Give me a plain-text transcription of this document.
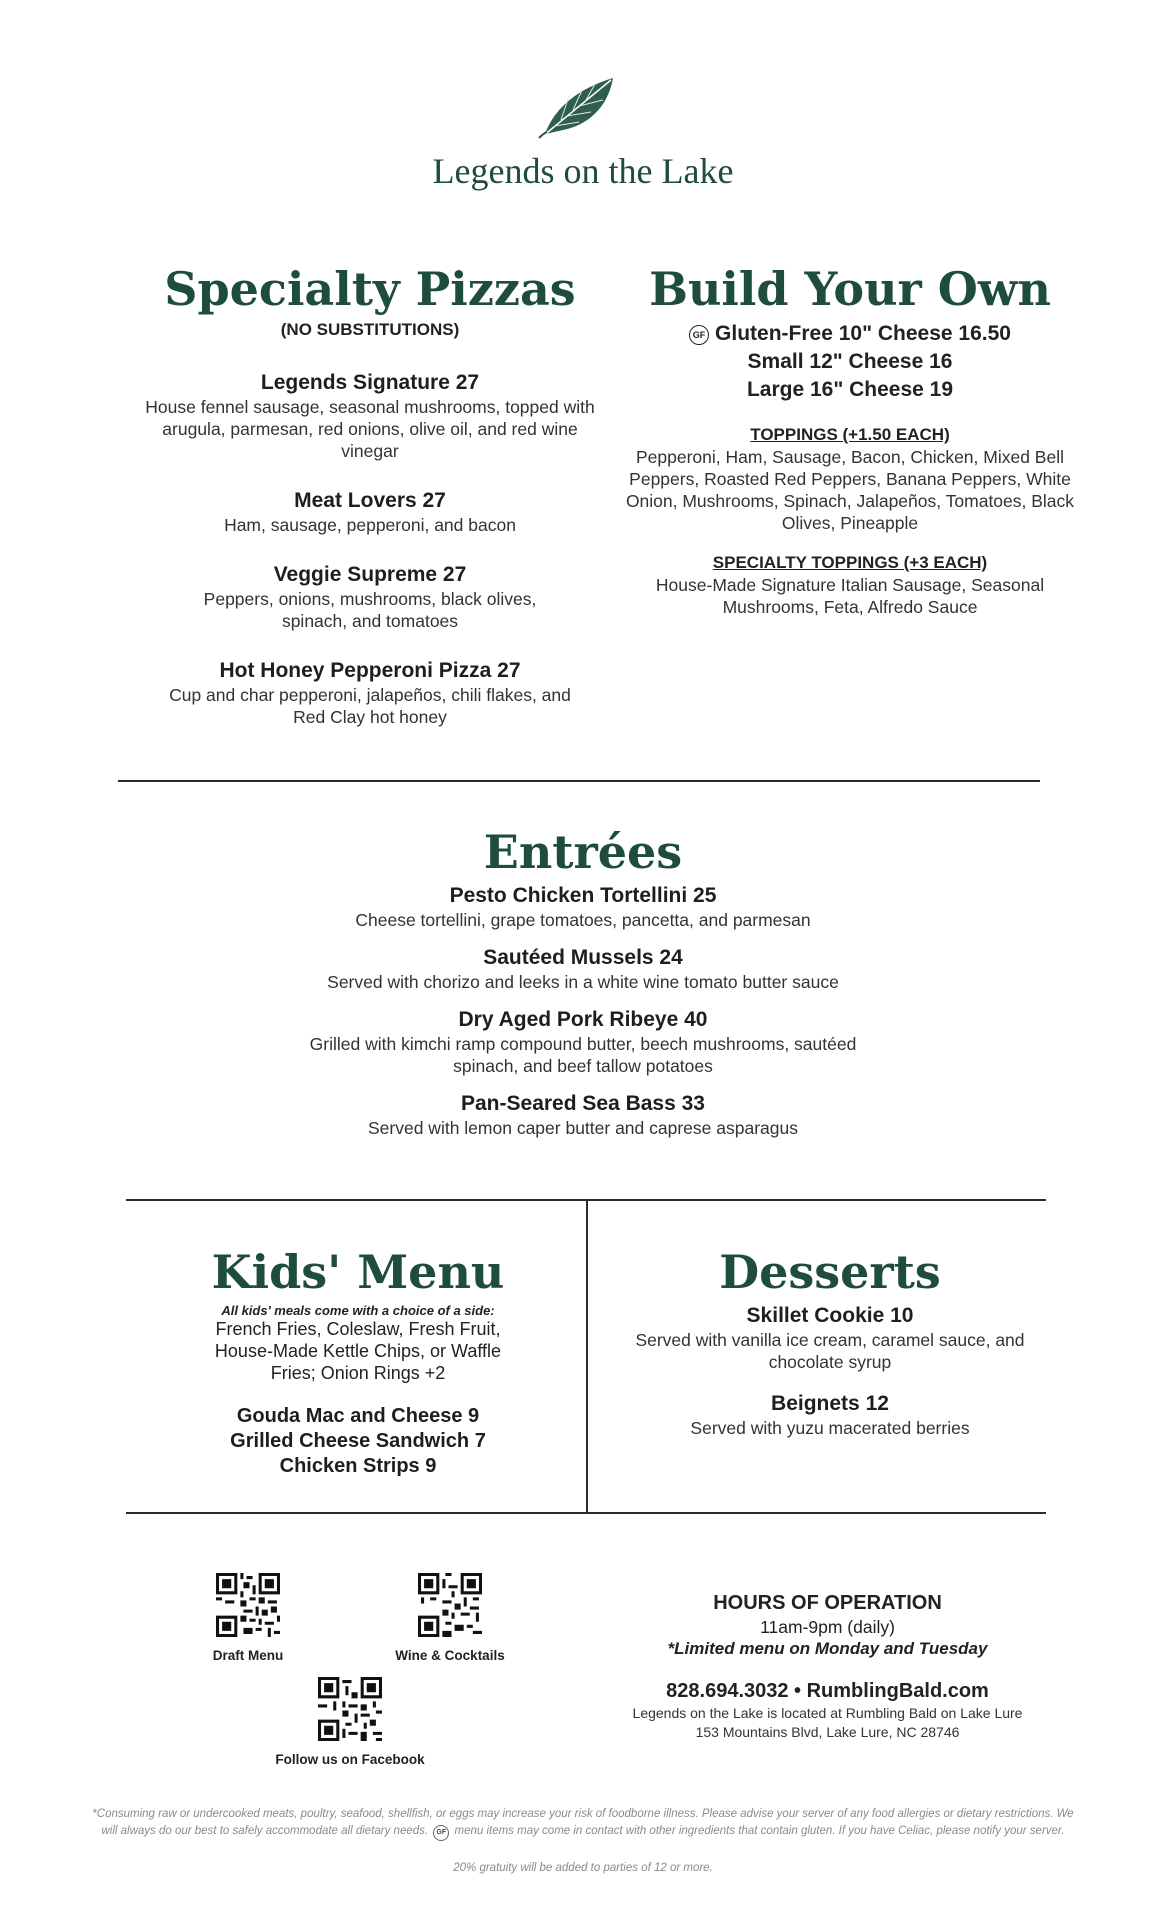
Legends on the Lake
Specialty Pizzas
(NO SUBSTITUTIONS)
Legends Signature 27
House fennel sausage, seasonal mushrooms, topped with arugula, parmesan, red onions, olive oil, and red wine vinegar
Meat Lovers 27
Ham, sausage, pepperoni, and bacon
Veggie Supreme 27
Peppers, onions, mushrooms, black olives, spinach, and tomatoes
Hot Honey Pepperoni Pizza 27
Cup and char pepperoni, jalapeños, chili flakes, and Red Clay hot honey
Build Your Own
GF Gluten-Free 10" Cheese 16.50
Small 12" Cheese 16
Large 16" Cheese 19
TOPPINGS (+1.50 EACH)
Pepperoni, Ham, Sausage, Bacon, Chicken, Mixed Bell Peppers, Roasted Red Peppers, Banana Peppers, White Onion, Mushrooms, Spinach, Jalapeños, Tomatoes, Black Olives, Pineapple
SPECIALTY TOPPINGS (+3 EACH)
House-Made Signature Italian Sausage, Seasonal Mushrooms, Feta, Alfredo Sauce
Entrées
Pesto Chicken Tortellini 25
Cheese tortellini, grape tomatoes, pancetta, and parmesan
Sautéed Mussels 24
Served with chorizo and leeks in a white wine tomato butter sauce
Dry Aged Pork Ribeye 40
Grilled with kimchi ramp compound butter, beech mushrooms, sautéed spinach, and beef tallow potatoes
Pan-Seared Sea Bass 33
Served with lemon caper butter and caprese asparagus
Kids' Menu
All kids' meals come with a choice of a side:
French Fries, Coleslaw, Fresh Fruit, House-Made Kettle Chips, or Waffle Fries; Onion Rings +2
Gouda Mac and Cheese 9
Grilled Cheese Sandwich 7
Chicken Strips 9
Desserts
Skillet Cookie 10
Served with vanilla ice cream, caramel sauce, and chocolate syrup
Beignets 12
Served with yuzu macerated berries
Draft Menu	Wine & Cocktails
Follow us on Facebook
HOURS OF OPERATION
11am-9pm (daily)
*Limited menu on Monday and Tuesday
828.694.3032 • RumblingBald.com
Legends on the Lake is located at Rumbling Bald on Lake Lure
153 Mountains Blvd, Lake Lure, NC 28746
*Consuming raw or undercooked meats, poultry, seafood, shellfish, or eggs may increase your risk of foodborne illness. Please advise your server of any food allergies or dietary restrictions. We will always do our best to safely accommodate all dietary needs. GF menu items may come in contact with other ingredients that contain gluten. If you have Celiac, please notify your server.
20% gratuity will be added to parties of 12 or more.
